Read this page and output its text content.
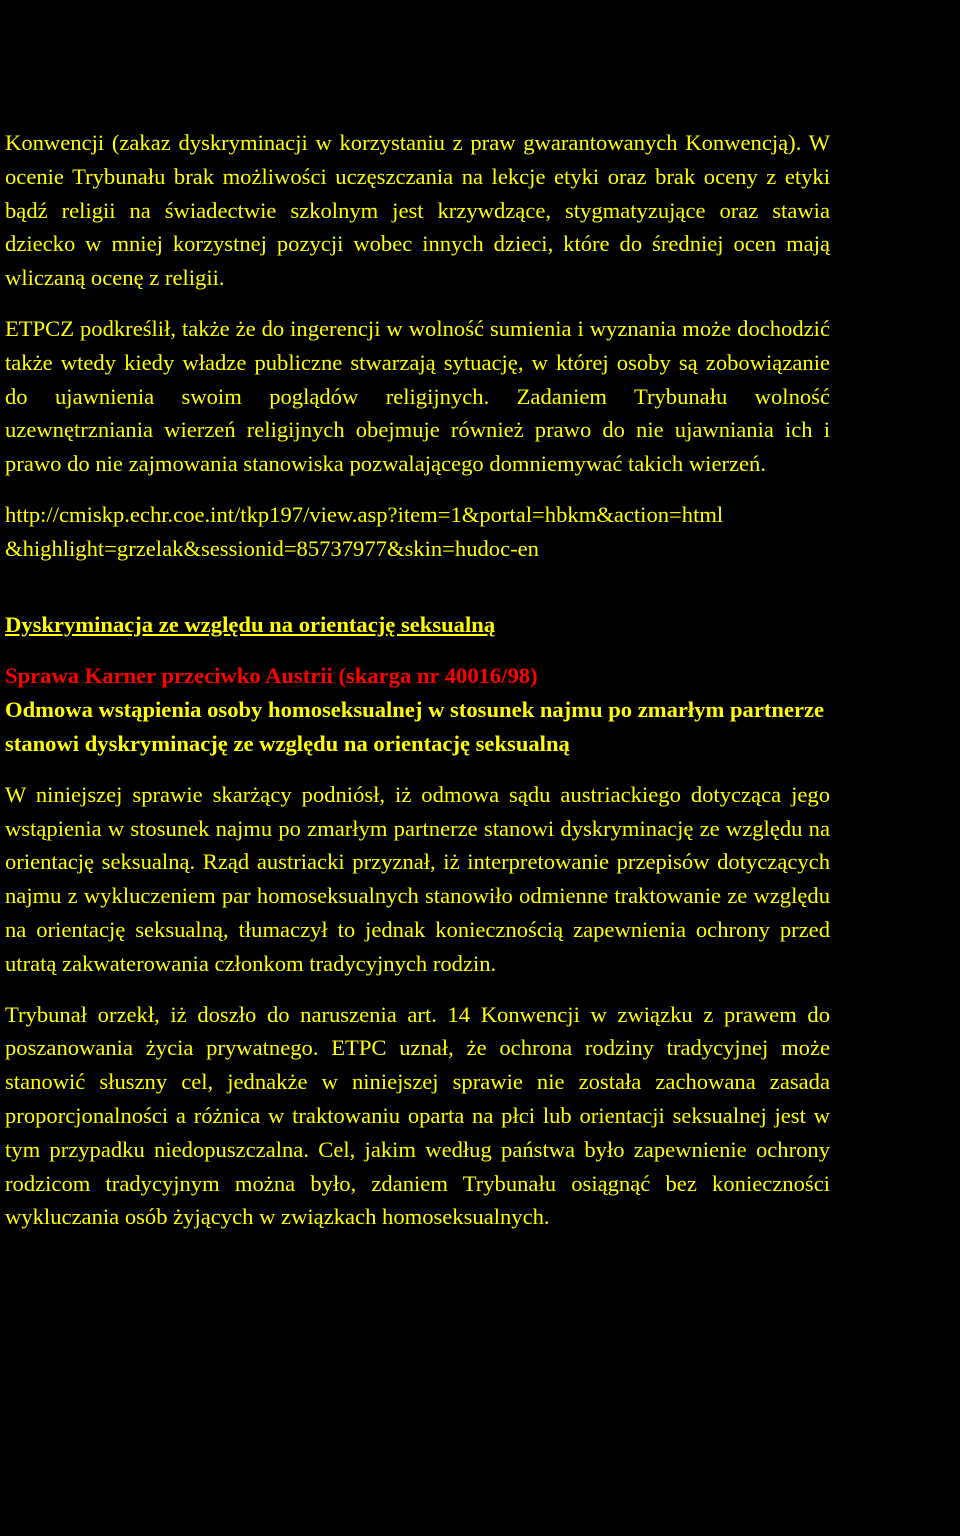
Konwencji (zakaz dyskryminacji w korzystaniu z praw gwarantowanych Konwencją). W ocenie Trybunału brak możliwości uczęszczania na lekcje etyki oraz brak oceny z etyki bądź religii na świadectwie szkolnym jest krzywdzące, stygmatyzujące oraz stawia dziecko w mniej korzystnej pozycji wobec innych dzieci, które do średniej ocen mają wliczaną ocenę z religii.

ETPCZ podkreślił, także że do ingerencji w wolność sumienia i wyznania może dochodzić także wtedy kiedy władze publiczne stwarzają sytuację, w której osoby są zobowiązanie do ujawnienia swoim poglądów religijnych. Zadaniem Trybunału wolność uzewnętrzniania wierzeń religijnych obejmuje również prawo do nie ujawniania ich i prawo do nie zajmowania stanowiska pozwalającego domniemywać takich wierzeń.

http://cmiskp.echr.coe.int/tkp197/view.asp?item=1&portal=hbkm&action=html
&highlight=grzelak&sessionid=85737977&skin=hudoc-en

Dyskryminacja ze względu na orientację seksualną

Sprawa Karner przeciwko Austrii (skarga nr 40016/98)

Odmowa wstąpienia osoby homoseksualnej w stosunek najmu po zmarłym partnerze stanowi dyskryminację ze względu na orientację seksualną

W niniejszej sprawie skarżący podniósł, iż odmowa sądu austriackiego dotycząca jego wstąpienia w stosunek najmu po zmarłym partnerze stanowi dyskryminację ze względu na orientację seksualną. Rząd austriacki przyznał, iż interpretowanie przepisów dotyczących najmu z wykluczeniem par homoseksualnych stanowiło odmienne traktowanie ze względu na orientację seksualną, tłumaczył to jednak koniecznością zapewnienia ochrony przed utratą zakwaterowania członkom tradycyjnych rodzin.

Trybunał orzekł, iż doszło do naruszenia art. 14 Konwencji w związku z prawem do poszanowania życia prywatnego. ETPC uznał, że ochrona rodziny tradycyjnej może stanowić słuszny cel, jednakże w niniejszej sprawie nie została zachowana zasada proporcjonalności a różnica w traktowaniu oparta na płci lub orientacji seksualnej jest w tym przypadku niedopuszczalna. Cel, jakim według państwa było zapewnienie ochrony rodzicom tradycyjnym można było, zdaniem Trybunału osiągnąć bez konieczności wykluczania osób żyjących w związkach homoseksualnych.
